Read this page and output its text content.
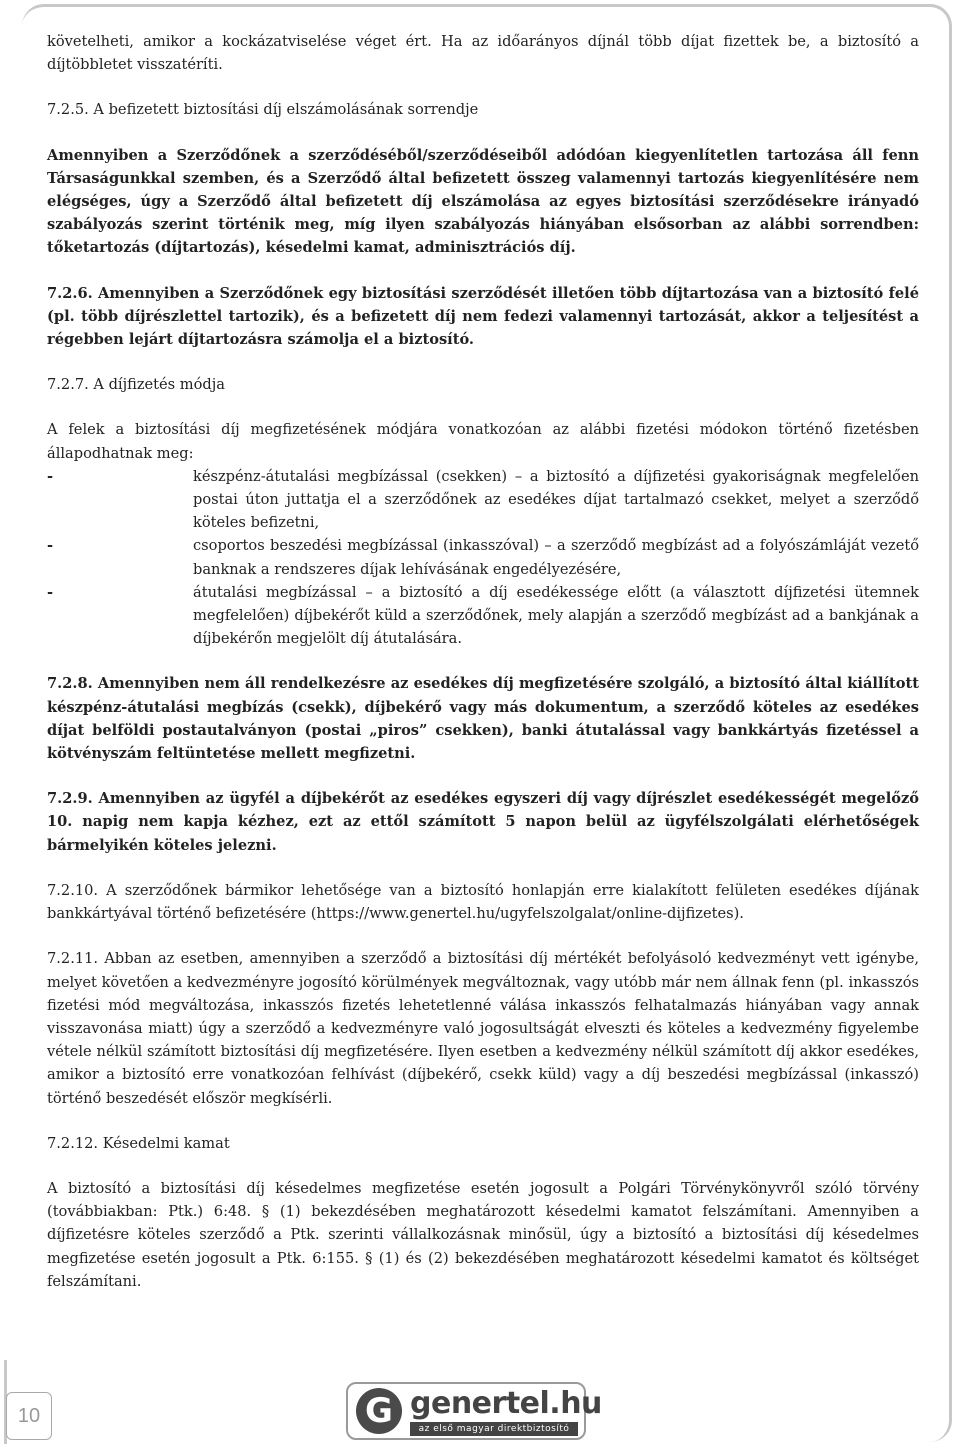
követelheti, amikor a kockázatviselése véget ért. Ha az időarányos díjnál több díjat fizettek be, a biztosító a díjtöbbletet visszatéríti.

7.2.5. A befizetett biztosítási díj elszámolásának sorrendje

Amennyiben a Szerződőnek a szerződéséből/szerződéseiből adódóan kiegyenlítetlen tartozása áll fenn Társaságunkkal szemben, és a Szerződő által befizetett összeg valamennyi tartozás kiegyenlítésére nem elégséges, úgy a Szerződő által befizetett díj elszámolása az egyes biztosítási szerződésekre irányadó szabályozás szerint történik meg, míg ilyen szabályozás hiányában elsősorban az alábbi sorrendben: tőketartozás (díjtartozás), késedelmi kamat, adminisztrációs díj.

7.2.6. Amennyiben a Szerződőnek egy biztosítási szerződését illetően több díjtartozása van a biztosító felé (pl. több díjrészlettel tartozik), és a befizetett díj nem fedezi valamennyi tartozását, akkor a teljesítést a régebben lejárt díjtartozásra számolja el a biztosító.

7.2.7. A díjfizetés módja

A felek a biztosítási díj megfizetésének módjára vonatkozóan az alábbi fizetési módokon történő fizetésben állapodhatnak meg:

-	készpénz-átutalási megbízással (csekken) – a biztosító a díjfizetési gyakoriságnak megfelelően postai úton juttatja el a szerződőnek az esedékes díjat tartalmazó csekket, melyet a szerződő köteles befizetni,
-	csoportos beszedési megbízással (inkasszóval) – a szerződő megbízást ad a folyószámláját vezető banknak a rendszeres díjak lehívásának engedélyezésére,
-	átutalási megbízással – a biztosító a díj esedékessége előtt (a választott díjfizetési ütemnek megfelelően) díjbekérőt küld a szerződőnek, mely alapján a szerződő megbízást ad a bankjának a díjbekérőn megjelölt díj átutalására.

7.2.8. Amennyiben nem áll rendelkezésre az esedékes díj megfizetésére szolgáló, a biztosító által kiállított készpénz-átutalási megbízás (csekk), díjbekérő vagy más dokumentum, a szerződő köteles az esedékes díjat belföldi postautalványon (postai „piros” csekken), banki átutalással vagy bankkártyás fizetéssel a kötvényszám feltüntetése mellett megfizetni.

7.2.9. Amennyiben az ügyfél a díjbekérőt az esedékes egyszeri díj vagy díjrészlet esedékességét megelőző 10. napig nem kapja kézhez, ezt az ettől számított 5 napon belül az ügyfélszolgálati elérhetőségek bármelyikén köteles jelezni.

7.2.10. A szerződőnek bármikor lehetősége van a biztosító honlapján erre kialakított felületen esedékes díjának bankkártyával történő befizetésére (https://www.genertel.hu/ugyfelszolgalat/online-dijfizetes).

7.2.11. Abban az esetben, amennyiben a szerződő a biztosítási díj mértékét befolyásoló kedvezményt vett igénybe, melyet követően a kedvezményre jogosító körülmények megváltoznak, vagy utóbb már nem állnak fenn (pl. inkasszós fizetési mód megváltozása, inkasszós fizetés lehetetlenné válása inkasszós felhatalmazás hiányában vagy annak visszavonása miatt) úgy a szerződő a kedvezményre való jogosultságát elveszti és köteles a kedvezmény figyelembe vétele nélkül számított biztosítási díj megfizetésére. Ilyen esetben a kedvezmény nélkül számított díj akkor esedékes, amikor a biztosító erre vonatkozóan felhívást (díjbekérő, csekk küld) vagy a díj beszedési megbízással (inkasszó) történő beszedését először megkísérli.

7.2.12. Késedelmi kamat

A biztosító a biztosítási díj késedelmes megfizetése esetén jogosult a Polgári Törvénykönyvről szóló törvény (továbbiakban: Ptk.) 6:48. § (1) bekezdésében meghatározott késedelmi kamatot felszámítani. Amennyiben a díjfizetésre köteles szerződő a Ptk. szerinti vállalkozásnak minősül, úgy a biztosító a biztosítási díj késedelmes megfizetése esetén jogosult a Ptk. 6:155. § (1) és (2) bekezdésében meghatározott késedelmi kamatot és költséget felszámítani.

10	G genertel.hu
az első magyar direktbiztosító
